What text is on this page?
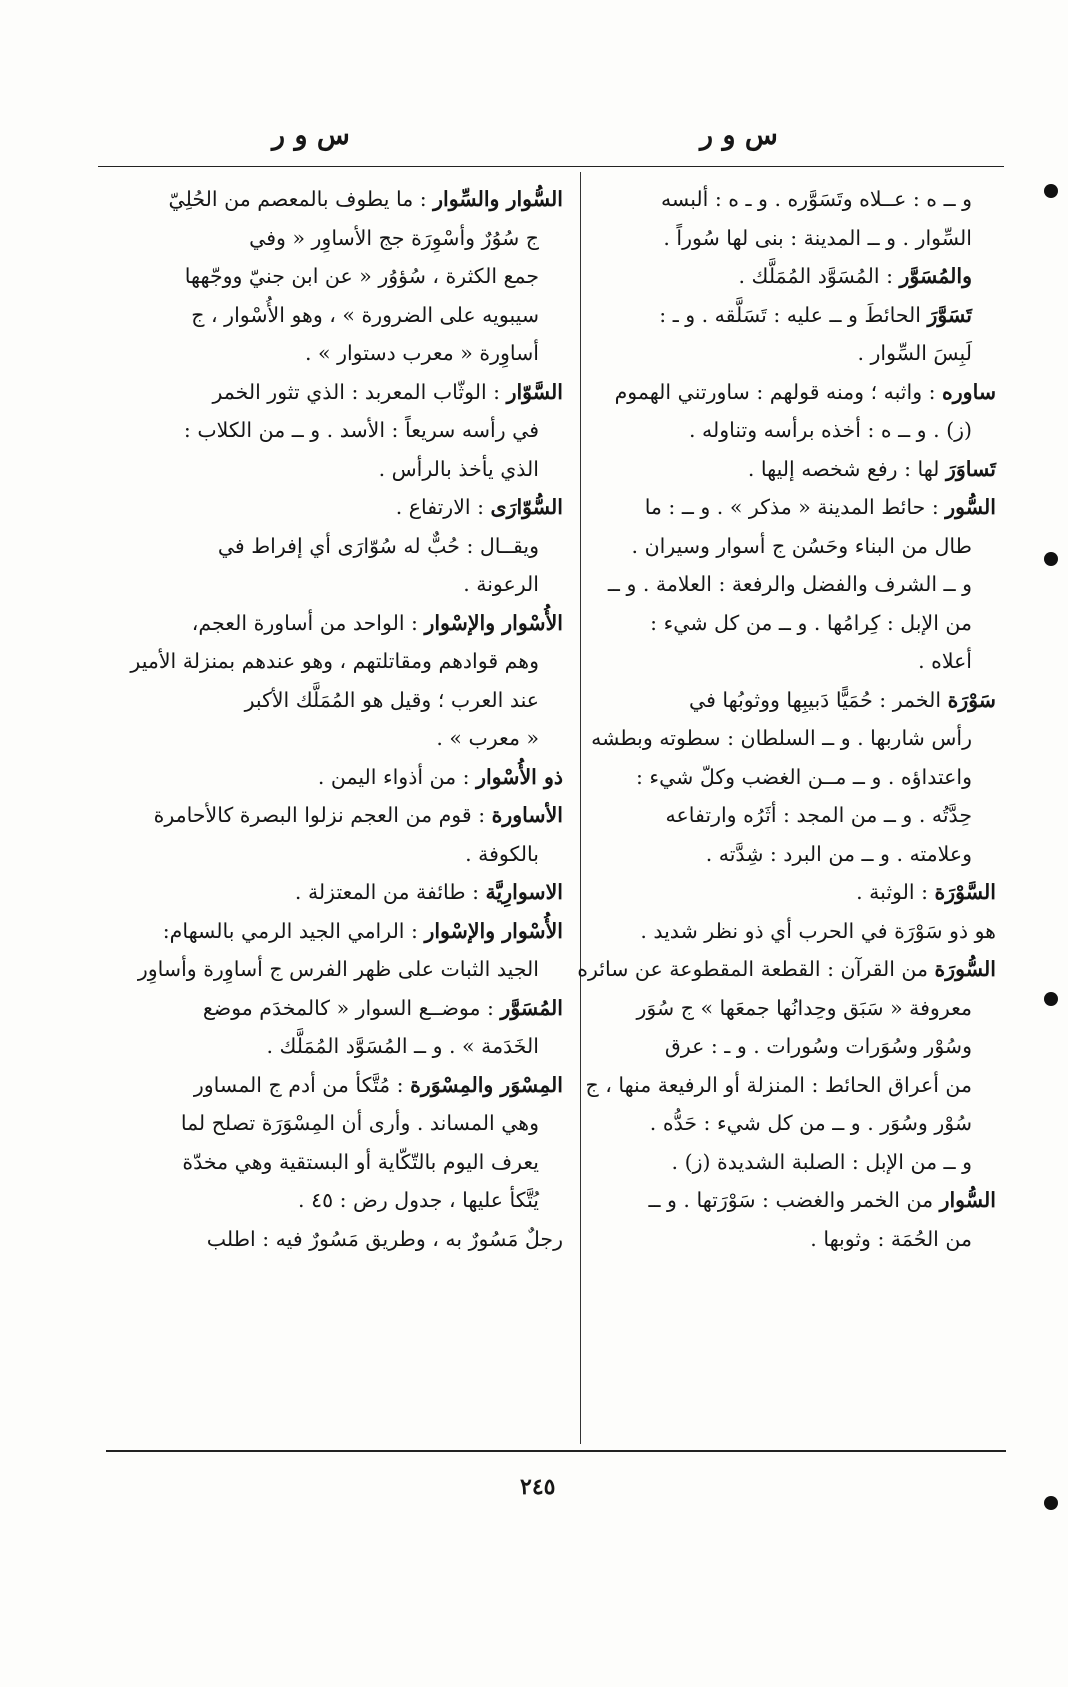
س و ر
س و ر
و ــ ه : عــلاه وتَسَوَّره . و ـ ه : ألبسه
السِّوار . و ــ المدينة : بنى لها سُوراً .
والمُسَوَّر : المُسَوَّد المُمَلَّك .
تَسَوَّرَ الحائطَ و ــ عليه : تَسَلَّقه . و ـ :
لَبِسَ السِّوار .
ساوره : واثبه ؛ ومنه قولهم : ساورتني الهموم
(ز) . و ــ ه : أخذه برأسه وتناوله .
تَساوَرَ لها : رفع شخصه إليها .
السُّور : حائط المدينة « مذكر » . و ــ : ما
طال من البناء وحَسُن ج أسوار وسيران .
و ــ الشرف والفضل والرفعة : العلامة . و ــ
من الإبل : كِرامُها . و ــ من كل شيء :
أعلاه .
سَوْرَة الخمر : حُمَيًّا دَبيبِها ووثوبُها في
رأس شاربها . و ــ السلطان : سطوته وبطشه
واعتداؤه . و ــ مــن الغضب وكلّ شيء :
حِدَّتُه . و ــ من المجد : أثَرُه وارتفاعه
وعلامته . و ــ من البرد : شِدَّته .
السَّوْرَة : الوثبة .
هو ذو سَوْرَة في الحرب أي ذو نظر شديد .
السُّورَة من القرآن : القطعة المقطوعة عن سائره
معروفة « سَبَق وحِدانُها جمعَها » ج سُوَر
وسُوْر وسُوَرات وسُورات . و ـ : عرق
من أعراق الحائط : المنزلة أو الرفيعة منها ، ج
سُوْر وسُوَر . و ــ من كل شيء : حَدُّه .
و ــ من الإبل : الصلبة الشديدة (ز) .
السُّوار من الخمر والغضب : سَوْرَتها . و ــ
من الحُمَة : وثوبها .
السُّوار والسِّوار : ما يطوف بالمعصم من الحُلِيّ
ج سُوُرٌ وأسْوِرَة جج الأساوِر « وفي
جمع الكثرة ، سُؤوُر « عن ابن جنيّ ووجّهها
سيبويه على الضرورة » ، وهو الأُسْوار ، ج
أساوِرة « معرب دستوار » .
السَّوّار : الوثّاب المعربد : الذي تثور الخمر
في رأسه سريعاً : الأسد . و ــ من الكلاب :
الذي يأخذ بالرأس .
السُّوّارَى : الارتفاع .
ويقــال : حُبٌّ له سُوّارَى أي إفراط في
الرعونة .
الأُسْوار والإسْوار : الواحد من أساورة العجم،
وهم قوادهم ومقاتلتهم ، وهو عندهم بمنزلة الأمير
عند العرب ؛ وقيل هو المُمَلَّك الأكبر
« معرب » .
ذو الأُسْوار : من أذواء اليمن .
الأساورة : قوم من العجم نزلوا البصرة كالأحامرة
بالكوفة .
الاسوارِيَّة : طائفة من المعتزلة .
الأُسْوار والإسْوار : الرامي الجيد الرمي بالسهام:
الجيد الثبات على ظهر الفرس ج أساوِرة وأساوِر
المُسَوَّر : موضــع السوار « كالمخدَم موضع
الخَدَمة » . و ــ المُسَوَّد المُمَلَّك .
المِسْوَر والمِسْوَرة : مُتَّكأ من أدم ج المساور
وهي المساند . وأرى أن المِسْوَرَة تصلح لما
يعرف اليوم بالتّكّاية أو البستقية وهي مخدّة
يُتَّكأ عليها ، جدول رض : ٤٥ .
رجلٌ مَسُورٌ به ، وطريق مَسُورٌ فيه : اطلب
٢٤٥
